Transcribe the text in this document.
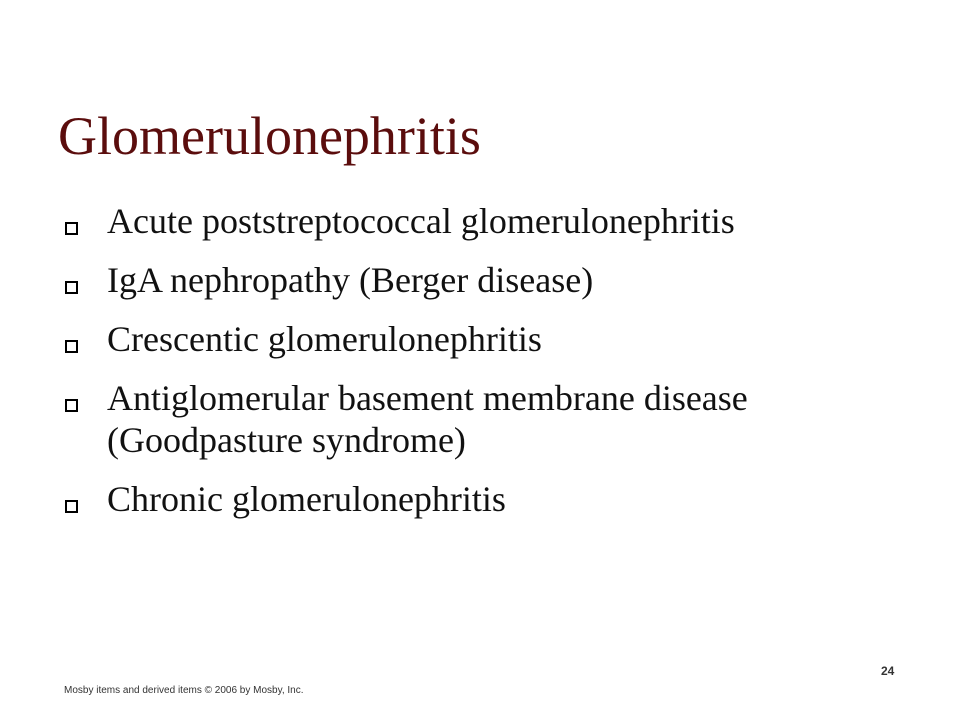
Glomerulonephritis
Acute poststreptococcal glomerulonephritis
IgA nephropathy (Berger disease)
Crescentic glomerulonephritis
Antiglomerular basement membrane disease (Goodpasture syndrome)
Chronic glomerulonephritis
24
Mosby items and derived items © 2006 by Mosby, Inc.
